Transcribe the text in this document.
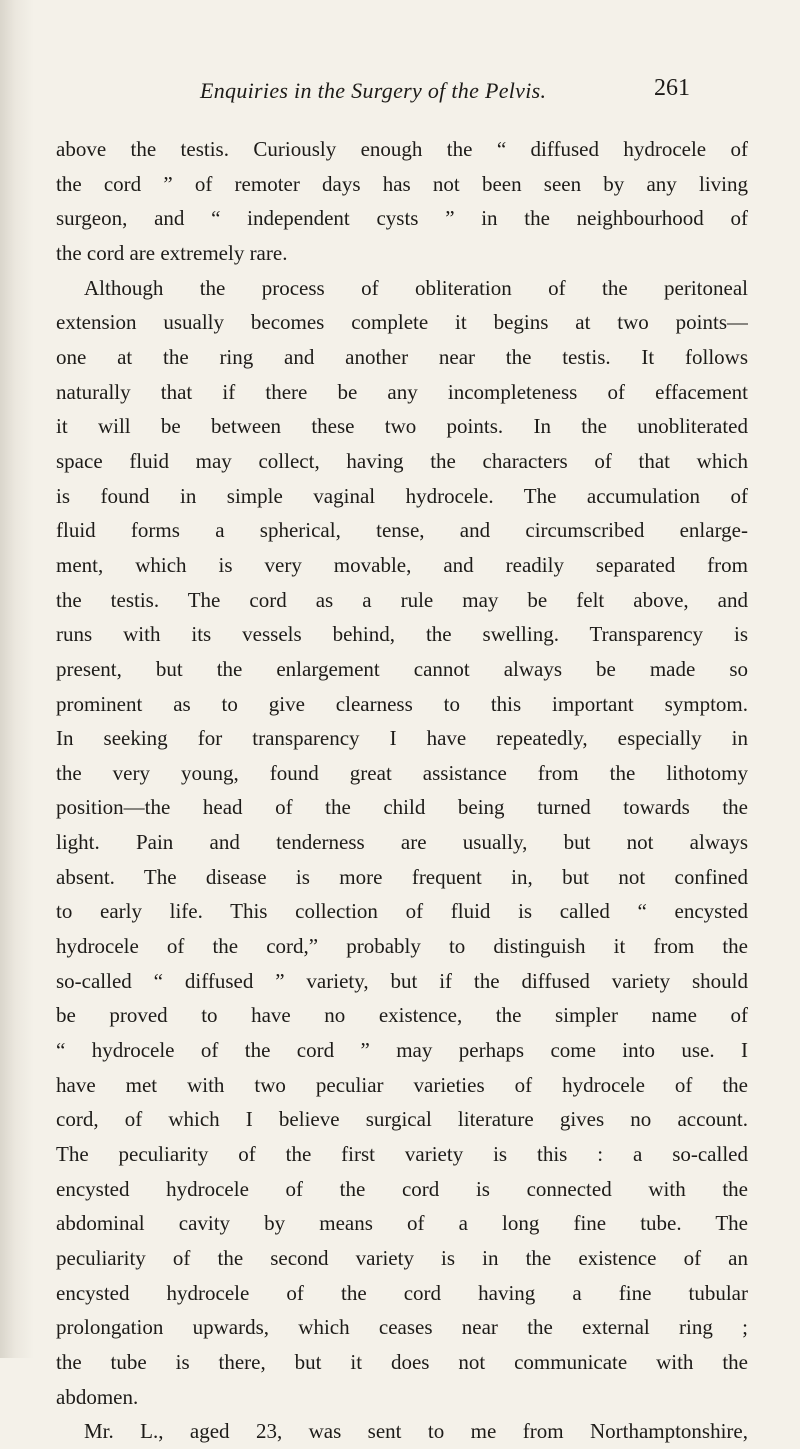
Enquiries in the Surgery of the Pelvis.	261
above the testis. Curiously enough the “ diffused hydrocele of
the cord ” of remoter days has not been seen by any living
surgeon, and “ independent cysts ” in the neighbourhood of
the cord are extremely rare.
Although the process of obliteration of the peritoneal
extension usually becomes complete it begins at two points—
one at the ring and another near the testis. It follows
naturally that if there be any incompleteness of effacement
it will be between these two points. In the unobliterated
space fluid may collect, having the characters of that which
is found in simple vaginal hydrocele. The accumulation of
fluid forms a spherical, tense, and circumscribed enlarge-
ment, which is very movable, and readily separated from
the testis. The cord as a rule may be felt above, and
runs with its vessels behind, the swelling. Transparency is
present, but the enlargement cannot always be made so
prominent as to give clearness to this important symptom.
In seeking for transparency I have repeatedly, especially in
the very young, found great assistance from the lithotomy
position—the head of the child being turned towards the
light. Pain and tenderness are usually, but not always
absent. The disease is more frequent in, but not confined
to early life. This collection of fluid is called “ encysted
hydrocele of the cord,” probably to distinguish it from the
so-called “ diffused ” variety, but if the diffused variety should
be proved to have no existence, the simpler name of
“ hydrocele of the cord ” may perhaps come into use. I
have met with two peculiar varieties of hydrocele of the
cord, of which I believe surgical literature gives no account.
The peculiarity of the first variety is this : a so-called
encysted hydrocele of the cord is connected with the
abdominal cavity by means of a long fine tube. The
peculiarity of the second variety is in the existence of an
encysted hydrocele of the cord having a fine tubular
prolongation upwards, which ceases near the external ring ;
the tube is there, but it does not communicate with the
abdomen.
Mr. L., aged 23, was sent to me from Northamptonshire,
